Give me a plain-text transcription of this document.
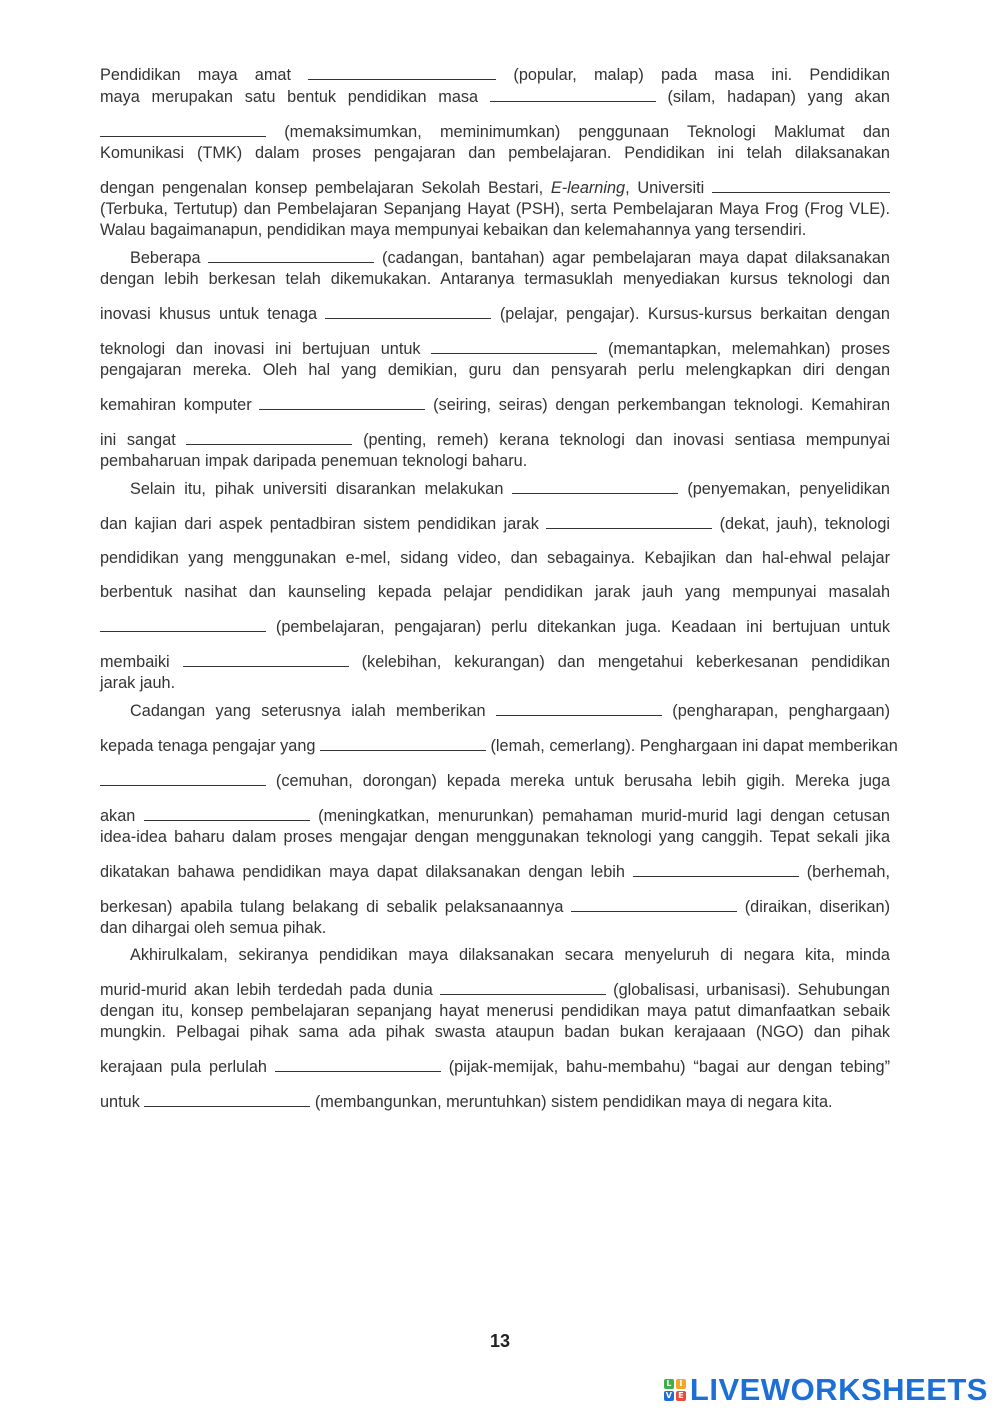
Pendidikan maya amat	(popular, malap) pada masa ini. Pendidikan
maya merupakan satu bentuk pendidikan masa	(silam, hadapan) yang akan
(memaksimumkan, meminimumkan) penggunaan Teknologi Maklumat dan
Komunikasi (TMK) dalam proses pengajaran dan pembelajaran. Pendidikan ini telah dilaksanakan
dengan pengenalan konsep pembelajaran Sekolah Bestari, E-learning, Universiti
(Terbuka, Tertutup) dan Pembelajaran Sepanjang Hayat (PSH), serta Pembelajaran Maya Frog (Frog VLE).
Walau bagaimanapun, pendidikan maya mempunyai kebaikan dan kelemahannya yang tersendiri.
Beberapa	(cadangan, bantahan) agar pembelajaran maya dapat dilaksanakan
dengan lebih berkesan telah dikemukakan. Antaranya termasuklah menyediakan kursus teknologi dan
inovasi khusus untuk tenaga	(pelajar, pengajar). Kursus-kursus berkaitan dengan
teknologi dan inovasi ini bertujuan untuk	(memantapkan, melemahkan) proses
pengajaran mereka. Oleh hal yang demikian, guru dan pensyarah perlu melengkapkan diri dengan
kemahiran komputer	(seiring, seiras) dengan perkembangan teknologi. Kemahiran
ini sangat	(penting, remeh) kerana teknologi dan inovasi sentiasa mempunyai
pembaharuan impak daripada penemuan teknologi baharu.
Selain itu, pihak universiti disarankan melakukan	(penyemakan, penyelidikan
dan kajian dari aspek pentadbiran sistem pendidikan jarak	(dekat, jauh), teknologi
pendidikan yang menggunakan e-mel, sidang video, dan sebagainya. Kebajikan dan hal-ehwal pelajar
berbentuk nasihat dan kaunseling kepada pelajar pendidikan jarak jauh yang mempunyai masalah
(pembelajaran, pengajaran) perlu ditekankan juga. Keadaan ini bertujuan untuk
membaiki	(kelebihan, kekurangan) dan mengetahui keberkesanan pendidikan
jarak jauh.
Cadangan yang seterusnya ialah memberikan	(pengharapan, penghargaan)
kepada tenaga pengajar yang	(lemah, cemerlang). Penghargaan ini dapat memberikan
(cemuhan, dorongan) kepada mereka untuk berusaha lebih gigih. Mereka juga
akan	(meningkatkan, menurunkan) pemahaman murid-murid lagi dengan cetusan
idea-idea baharu dalam proses mengajar dengan menggunakan teknologi yang canggih. Tepat sekali jika
dikatakan bahawa pendidikan maya dapat dilaksanakan dengan lebih	(berhemah,
berkesan) apabila tulang belakang di sebalik pelaksanaannya	(diraikan, diserikan)
dan dihargai oleh semua pihak.
Akhirulkalam, sekiranya pendidikan maya dilaksanakan secara menyeluruh di negara kita, minda
murid-murid akan lebih terdedah pada dunia	(globalisasi, urbanisasi). Sehubungan
dengan itu, konsep pembelajaran sepanjang hayat menerusi pendidikan maya patut dimanfaatkan sebaik
mungkin. Pelbagai pihak sama ada pihak swasta ataupun badan bukan kerajaaan (NGO) dan pihak
kerajaan pula perlulah	(pijak-memijak, bahu-membahu) “bagai aur dengan tebing”
untuk	(membangunkan, meruntuhkan) sistem pendidikan maya di negara kita.
13
L I
V E LIVEWORKSHEETS
